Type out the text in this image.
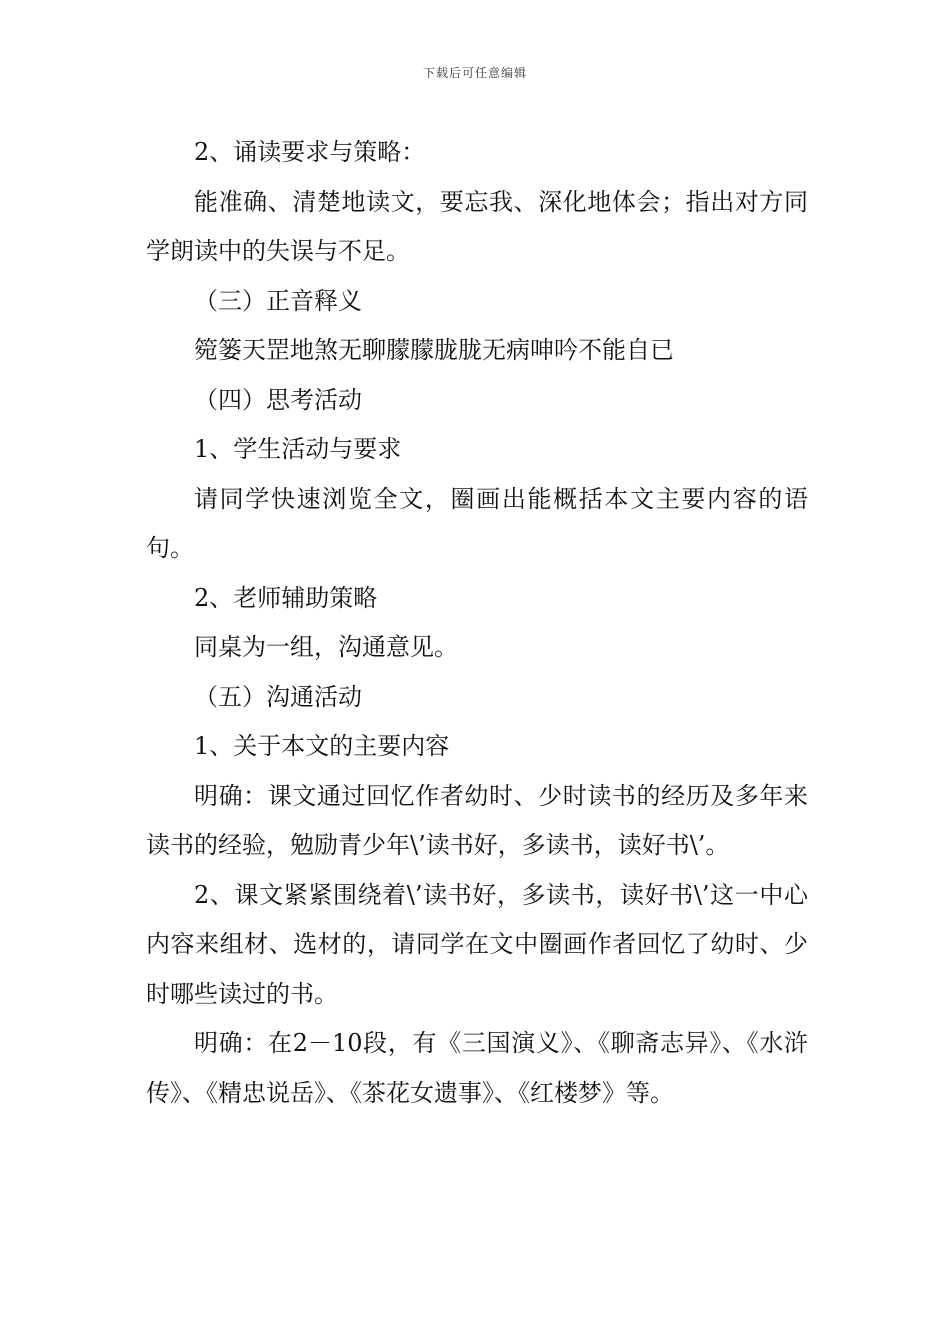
下载后可任意编辑

2、诵读要求与策略：

能准确、清楚地读文，要忘我、深化地体会；指出对方同学朗读中的失误与不足。

（三）正音释义

箢篓天罡地煞无聊朦朦胧胧无病呻吟不能自已

（四）思考活动

1、学生活动与要求

请同学快速浏览全文，圈画出能概括本文主要内容的语句。

2、老师辅助策略

同桌为一组，沟通意见。

（五）沟通活动

1、关于本文的主要内容

明确：课文通过回忆作者幼时、少时读书的经历及多年来读书的经验，勉励青少年\’读书好，多读书，读好书\’。

2、课文紧紧围绕着\’读书好，多读书，读好书\’这一中心内容来组材、选材的，请同学在文中圈画作者回忆了幼时、少时哪些读过的书。

明确：在2－10段，有《三国演义》、《聊斋志异》、《水浒传》、《精忠说岳》、《茶花女遗事》、《红楼梦》等。
